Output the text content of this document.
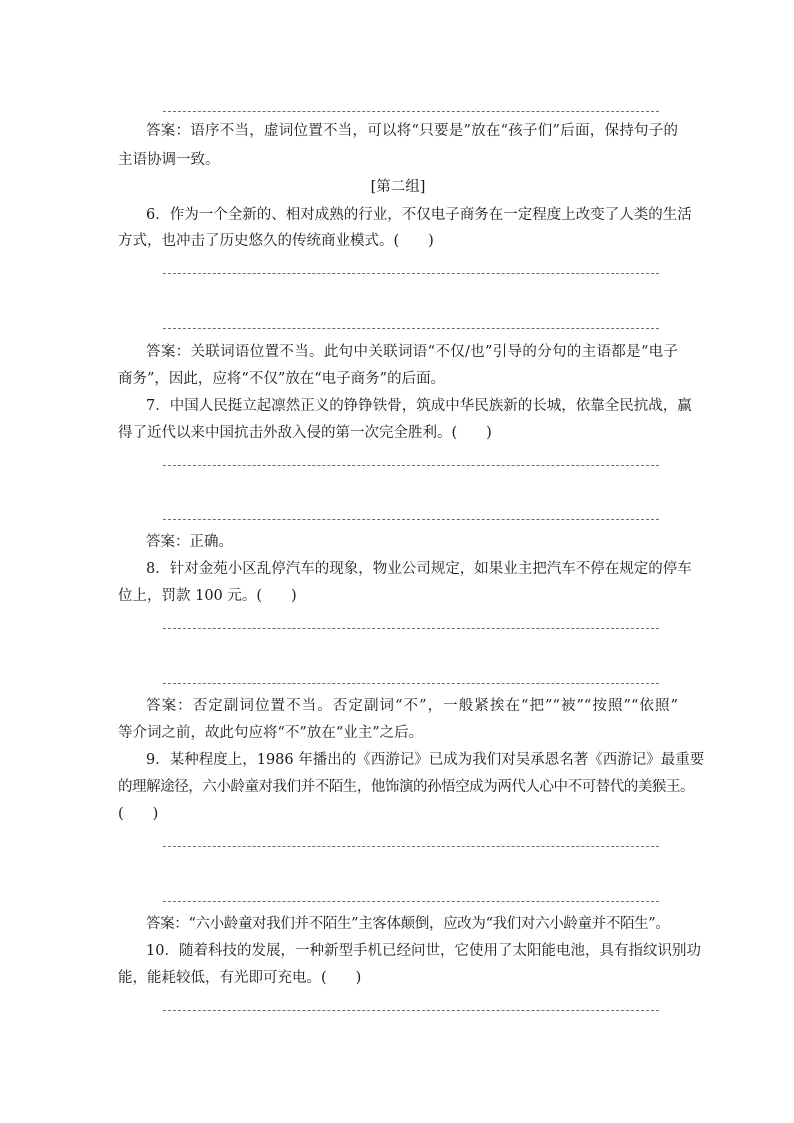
答案：语序不当，虚词位置不当，可以将“只要是”放在“孩子们”后面，保持句子的
主语协调一致。
[第二组]
6．作为一个全新的、相对成熟的行业，不仅电子商务在一定程度上改变了人类的生活
方式，也冲击了历史悠久的传统商业模式。(　　)
答案：关联词语位置不当。此句中关联词语“不仅/也”引导的分句的主语都是“电子
商务”，因此，应将“不仅”放在“电子商务”的后面。
7．中国人民挺立起凛然正义的铮铮铁骨，筑成中华民族新的长城，依靠全民抗战，赢
得了近代以来中国抗击外敌入侵的第一次完全胜利。(　　)
答案：正确。
8．针对金苑小区乱停汽车的现象，物业公司规定，如果业主把汽车不停在规定的停车
位上，罚款 100 元。(　　)
答案：否定副词位置不当。否定副词“不”，一般紧挨在“把”“被”“按照”“依照”
等介词之前，故此句应将“不”放在“业主”之后。
9．某种程度上，1986 年播出的《西游记》已成为我们对吴承恩名著《西游记》最重要
的理解途径，六小龄童对我们并不陌生，他饰演的孙悟空成为两代人心中不可替代的美猴王。
(　　)
答案：“六小龄童对我们并不陌生”主客体颠倒，应改为“我们对六小龄童并不陌生”。
10．随着科技的发展，一种新型手机已经问世，它使用了太阳能电池，具有指纹识别功
能，能耗较低，有光即可充电。(　　)
